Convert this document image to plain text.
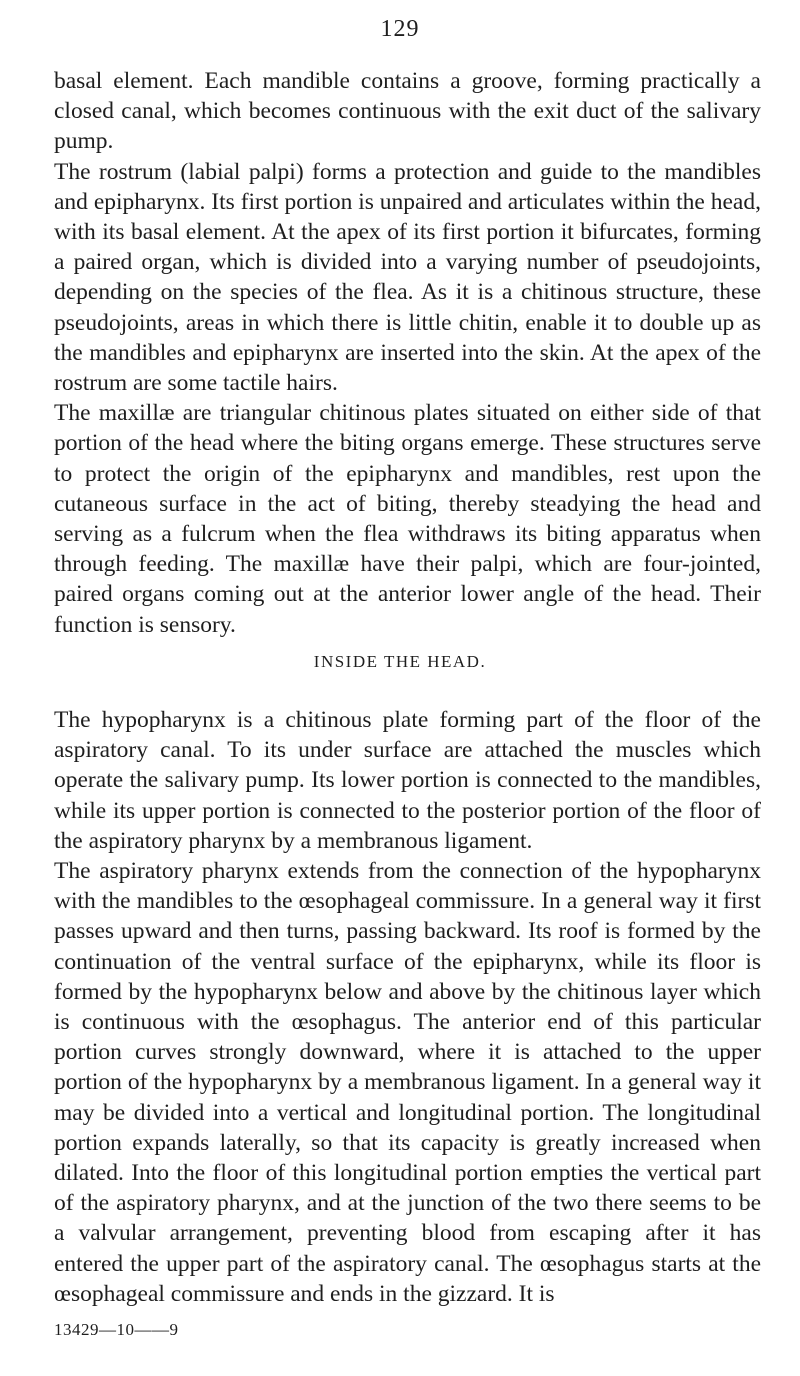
129

basal element. Each mandible contains a groove, forming practically a closed canal, which becomes continuous with the exit duct of the salivary pump.

The rostrum (labial palpi) forms a protection and guide to the mandibles and epipharynx. Its first portion is unpaired and articulates within the head, with its basal element. At the apex of its first portion it bifurcates, forming a paired organ, which is divided into a varying number of pseudojoints, depending on the species of the flea. As it is a chitinous structure, these pseudojoints, areas in which there is little chitin, enable it to double up as the mandibles and epipharynx are inserted into the skin. At the apex of the rostrum are some tactile hairs.

The maxillæ are triangular chitinous plates situated on either side of that portion of the head where the biting organs emerge. These structures serve to protect the origin of the epipharynx and mandibles, rest upon the cutaneous surface in the act of biting, thereby steadying the head and serving as a fulcrum when the flea withdraws its biting apparatus when through feeding. The maxillæ have their palpi, which are four-jointed, paired organs coming out at the anterior lower angle of the head. Their function is sensory.

INSIDE THE HEAD.

The hypopharynx is a chitinous plate forming part of the floor of the aspiratory canal. To its under surface are attached the muscles which operate the salivary pump. Its lower portion is connected to the mandibles, while its upper portion is connected to the posterior portion of the floor of the aspiratory pharynx by a membranous ligament.

The aspiratory pharynx extends from the connection of the hypopharynx with the mandibles to the œsophageal commissure. In a general way it first passes upward and then turns, passing backward. Its roof is formed by the continuation of the ventral surface of the epipharynx, while its floor is formed by the hypopharynx below and above by the chitinous layer which is continuous with the œsophagus. The anterior end of this particular portion curves strongly downward, where it is attached to the upper portion of the hypopharynx by a membranous ligament. In a general way it may be divided into a vertical and longitudinal portion. The longitudinal portion expands laterally, so that its capacity is greatly increased when dilated. Into the floor of this longitudinal portion empties the vertical part of the aspiratory pharynx, and at the junction of the two there seems to be a valvular arrangement, preventing blood from escaping after it has entered the upper part of the aspiratory canal. The œsophagus starts at the œsophageal commissure and ends in the gizzard. It is

13429—10——9
